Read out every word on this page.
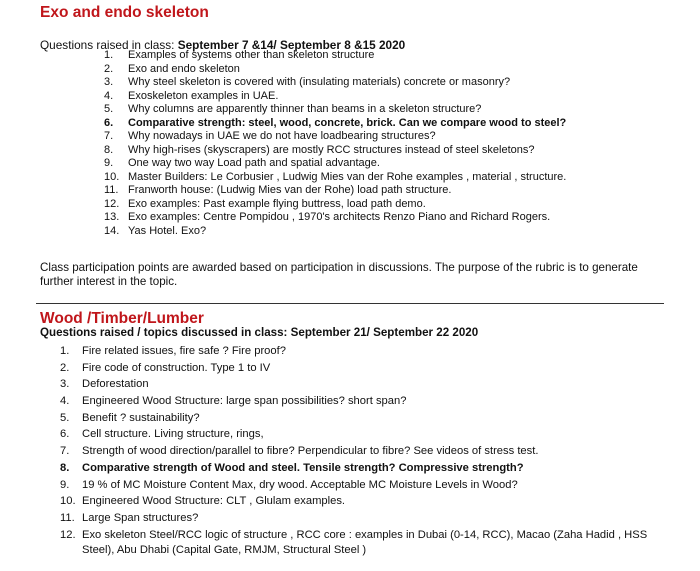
Exo and endo skeleton
Questions raised in class: September 7 &14/ September 8 &15 2020
1. Examples of systems other than skeleton structure
2. Exo and endo skeleton
3. Why steel skeleton is covered with (insulating materials) concrete or masonry?
4. Exoskeleton examples in UAE.
5. Why columns are apparently thinner than beams in a skeleton structure?
6. Comparative strength: steel, wood, concrete, brick. Can we compare wood to steel?
7. Why nowadays in UAE we do not have loadbearing structures?
8. Why high-rises (skyscrapers) are mostly RCC structures instead of steel skeletons?
9. One way two way Load path and spatial advantage.
10. Master Builders: Le Corbusier , Ludwig Mies van der Rohe examples , material , structure.
11. Franworth house: (Ludwig Mies van der Rohe) load path structure.
12. Exo examples: Past example flying buttress, load path demo.
13. Exo examples: Centre Pompidou , 1970's architects Renzo Piano and Richard Rogers.
14. Yas Hotel. Exo?
Class participation points are awarded based on participation in discussions. The purpose of the rubric is to generate further interest in the topic.
Wood /Timber/Lumber
Questions raised / topics discussed in class: September 21/ September 22 2020
1.	Fire related issues, fire safe ? Fire proof?
2.	Fire code of construction. Type 1 to IV
3.	Deforestation
4.	Engineered Wood Structure: large span possibilities? short span?
5.	Benefit ? sustainability?
6.	Cell structure. Living structure, rings,
7.	Strength of wood direction/parallel to fibre? Perpendicular to fibre? See videos of stress test.
8.	Comparative strength of Wood and steel. Tensile strength? Compressive strength?
9.	19 % of MC Moisture Content Max, dry wood. Acceptable MC Moisture Levels in Wood?
10. Engineered Wood Structure: CLT , Glulam examples.
11. Large Span structures?
12. Exo skeleton Steel/RCC logic of structure , RCC core : examples in Dubai (0-14, RCC), Macao (Zaha Hadid , HSS Steel), Abu Dhabi (Capital Gate, RMJM, Structural Steel )
